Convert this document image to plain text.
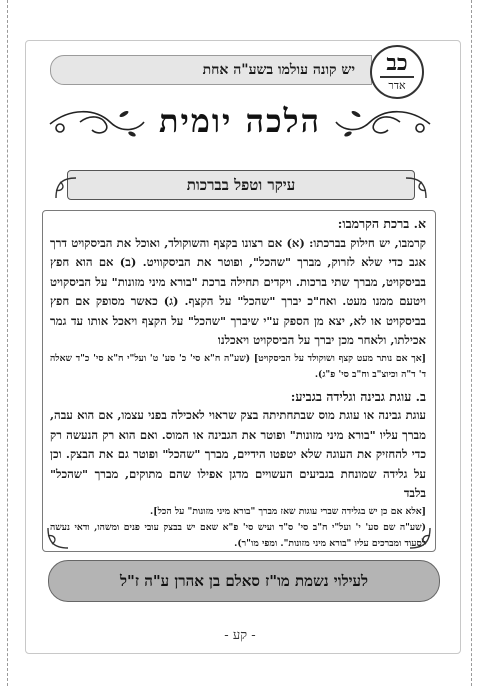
יש קונה עולמו בשע"ה אחת	כב
אדר
הלכה יומית
עיקר וטפל בברכות
א. ברכת הקרמבו:
קרמבו, יש חילוק בברכתו: (א) אם רצונו בקצף והשוקולד, ואוכל את הביסקויט דרך אגב כדי שלא לזרוק, מברך "שהכל", ופוטר את הביסקוויט. (ב) אם הוא חפץ בביסקויט, מברך שתי ברכות. ויקדים תחילה ברכת "בורא מיני מזונות" על הביסקויט ויטעם ממנו מעט. ואח"כ יברך "שהכל" על הקצף. (ג) כאשר מסופק אם חפץ בביסקויט או לא, יצא מן הספק ע"י שיברך "שהכל" על הקצף ויאכל אותו עד גמר אכילתו, ולאחר מכן יברך על הביסקויט ויאכלנו
[אך אם נותר מעט קצף ושוקולד על הביסקויט] (שע"ה ח"א סי' כ' סע' ט' ועל"י ח"א סי' כ"ד שאלה ד' ד"ה וכיוצ"ב וח"ב סי' פ"ג).
ב. עוגת גבינה וגלידה בגביע:
עוגת גבינה או עוגת מוס שבתחתיתה בצק שראוי לאכילה בפני עצמו, אם הוא עבה, מברך עליו "בורא מיני מזונות" ופוטר את הגבינה או המוס. ואם הוא רק הנעשה רק כדי להחזיק את העוגה שלא יטפטו הידיים, מברך "שהכל" ופוטר גם את הבצק. וכן על גלידה שמונחת בגביעים העשויים מדגן אפילו שהם מתוקים, מברך "שהכל" בלבד
[אלא אם כן יש בגלידה שברי עוגות שאז מברך "בורא מיני מזונות" על הכל].
(שע"ה שם סע' י' ועל"י ח"ב סי' ס"ד ועיש סי' פ"א שאם יש בבצק עובי פנים ומשהו, ודאי נעשה לסעוד ומברכים עליו "בורא מיני מזונות". ומפי מו"ר).
לעילוי נשמת מו"ז סאלם בן אהרן ע"ה ז"ל
- קע -
